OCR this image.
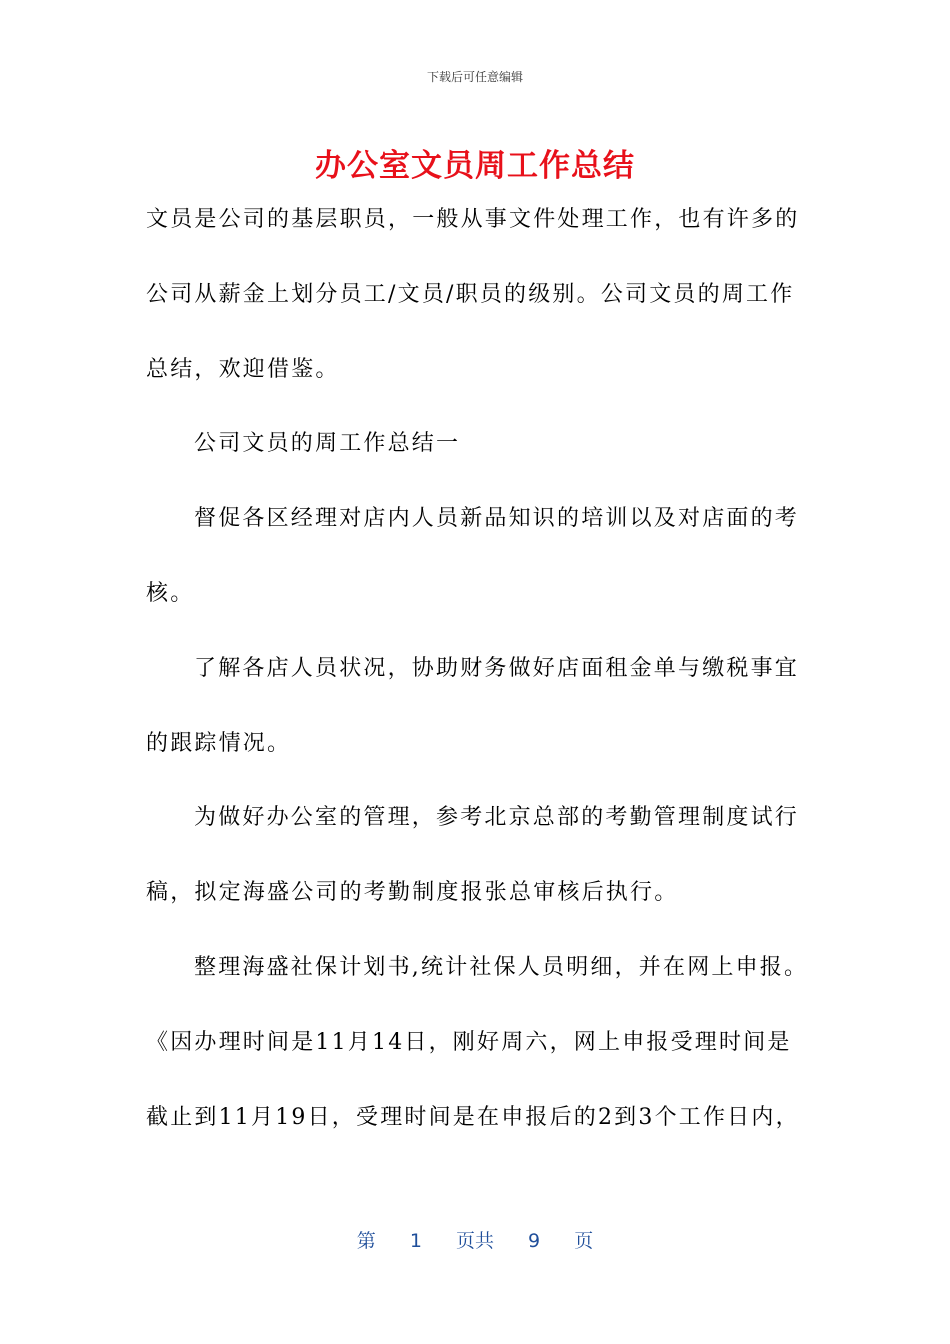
下载后可任意编辑
办公室文员周工作总结
文员是公司的基层职员，一般从事文件处理工作，也有许多的
公司从薪金上划分员工/文员/职员的级别。公司文员的周工作
总结，欢迎借鉴。
公司文员的周工作总结一
督促各区经理对店内人员新品知识的培训以及对店面的考
核。
了解各店人员状况，协助财务做好店面租金单与缴税事宜
的跟踪情况。
为做好办公室的管理，参考北京总部的考勤管理制度试行
稿，拟定海盛公司的考勤制度报张总审核后执行。
整理海盛社保计划书,统计社保人员明细，并在网上申报。
《因办理时间是11月14日，刚好周六，网上申报受理时间是
截止到11月19日，受理时间是在申报后的2到3个工作日内，
第 1 页共 9 页
